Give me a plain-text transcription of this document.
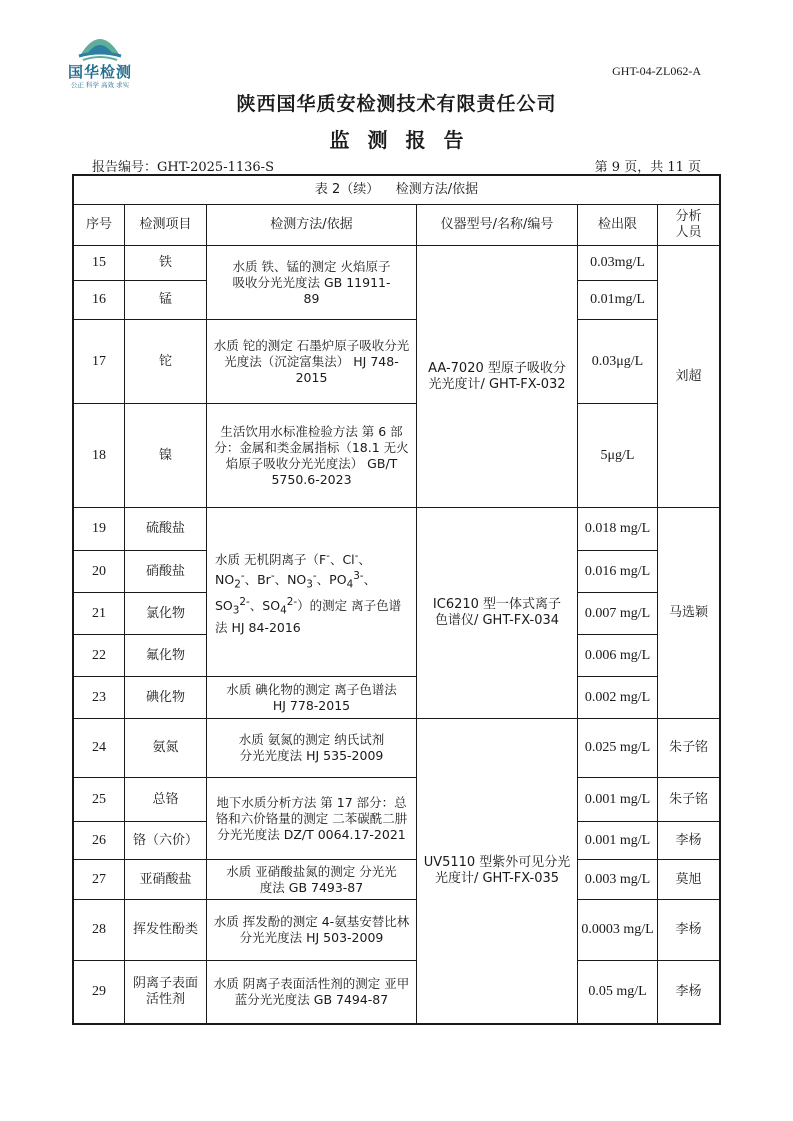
国华检测
公正 科学 高效 求实
GHT-04-ZL062-A
陕西国华质安检测技术有限责任公司
监测报告
报告编号：GHT-2025-1136-S	第 9 页，共 11 页
表 2（续）    检测方法/依据					
序号	检测项目	检测方法/依据	仪器型号/名称/编号	检出限	分析人员
15	铁	水质 铁、锰的测定 火焰原子吸收分光光度法 GB 11911-89	AA-7020 型原子吸收分光光度计/ GHT-FX-032	0.03mg/L	刘超
16	锰			0.01mg/L	
17	铊	水质 铊的测定 石墨炉原子吸收分光光度法（沉淀富集法） HJ 748-2015		0.03μg/L	
18	镍	生活饮用水标准检验方法 第 6 部分：金属和类金属指标（18.1 无火焰原子吸收分光光度法） GB/T 5750.6-2023		5μg/L	
19	硫酸盐	水质 无机阴离子（F-、Cl-、$NO_2^-$、Br-、$NO_3^-$、$PO_4^{3-}$、$SO_3^{2-}$、$SO_4^{2-}$）的测定 离子色谱法 HJ 84-2016	IC6210 型一体式离子色谱仪/ GHT-FX-034	0.018 mg/L	马选颖
20	硝酸盐			0.016 mg/L	
21	氯化物			0.007 mg/L	
22	氟化物			0.006 mg/L	
23	碘化物	水质 碘化物的测定 离子色谱法 HJ 778-2015		0.002 mg/L	
24	氨氮	水质 氨氮的测定 纳氏试剂分光光度法 HJ 535-2009	UV5110 型紫外可见分光光度计/ GHT-FX-035	0.025 mg/L	朱子铭
25	总铬	地下水质分析方法 第 17 部分：总铬和六价铬量的测定 二苯碳酰二肼分光光度法 DZ/T 0064.17-2021		0.001 mg/L	朱子铭
26	铬（六价）			0.001 mg/L	李杨
27	亚硝酸盐	水质 亚硝酸盐氮的测定 分光光度法 GB 7493-87		0.003 mg/L	莫旭
28	挥发性酚类	水质 挥发酚的测定 4-氨基安替比林分光光度法 HJ 503-2009		0.0003 mg/L	李杨
29	阴离子表面活性剂	水质 阴离子表面活性剂的测定 亚甲蓝分光光度法 GB 7494-87		0.05 mg/L	李杨
